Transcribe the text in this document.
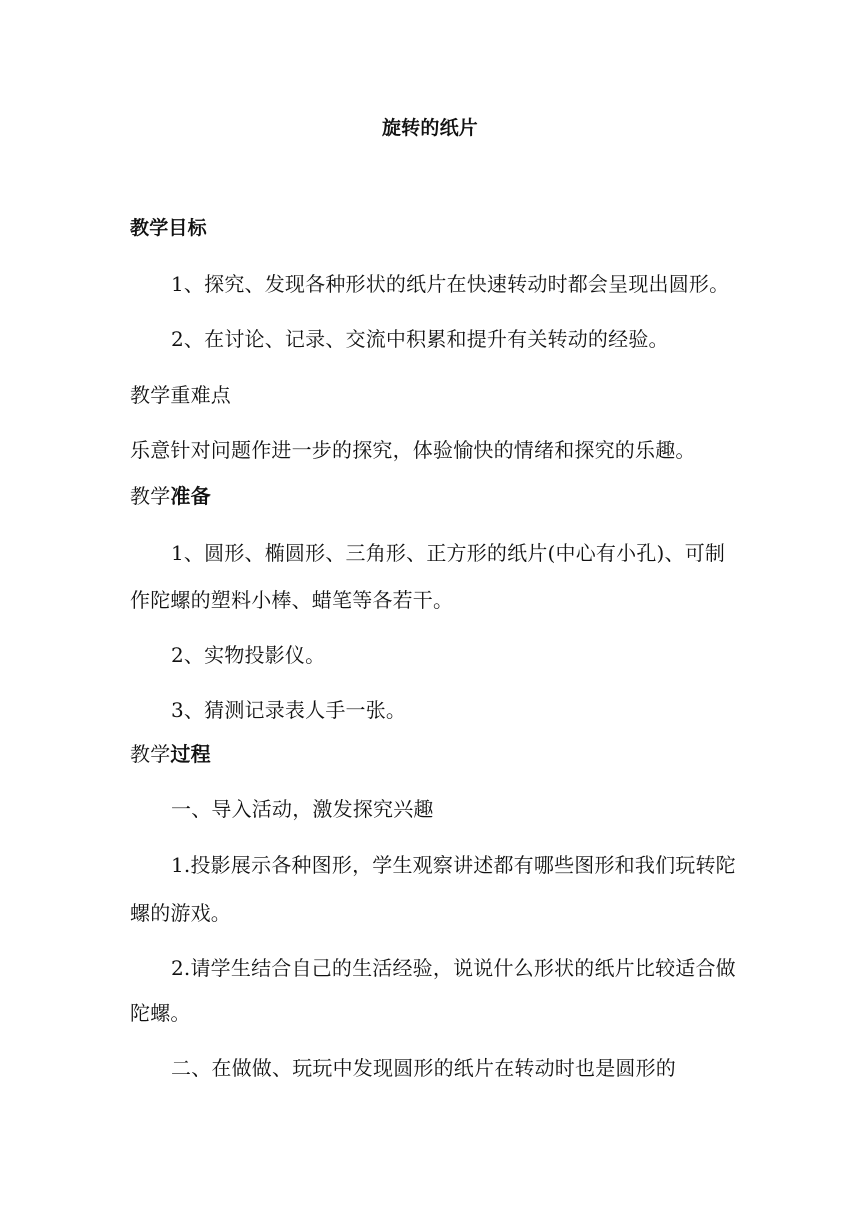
旋转的纸片
教学目标
1、探究、发现各种形状的纸片在快速转动时都会呈现出圆形。
2、在讨论、记录、交流中积累和提升有关转动的经验。
教学重难点
乐意针对问题作进一步的探究，体验愉快的情绪和探究的乐趣。
教学准备
1、圆形、椭圆形、三角形、正方形的纸片(中心有小孔)、可制
作陀螺的塑料小棒、蜡笔等各若干。
2、实物投影仪。
3、猜测记录表人手一张。
教学过程
一、导入活动，激发探究兴趣
1.投影展示各种图形，学生观察讲述都有哪些图形和我们玩转陀
螺的游戏。
2.请学生结合自己的生活经验，说说什么形状的纸片比较适合做
陀螺。
二、在做做、玩玩中发现圆形的纸片在转动时也是圆形的
